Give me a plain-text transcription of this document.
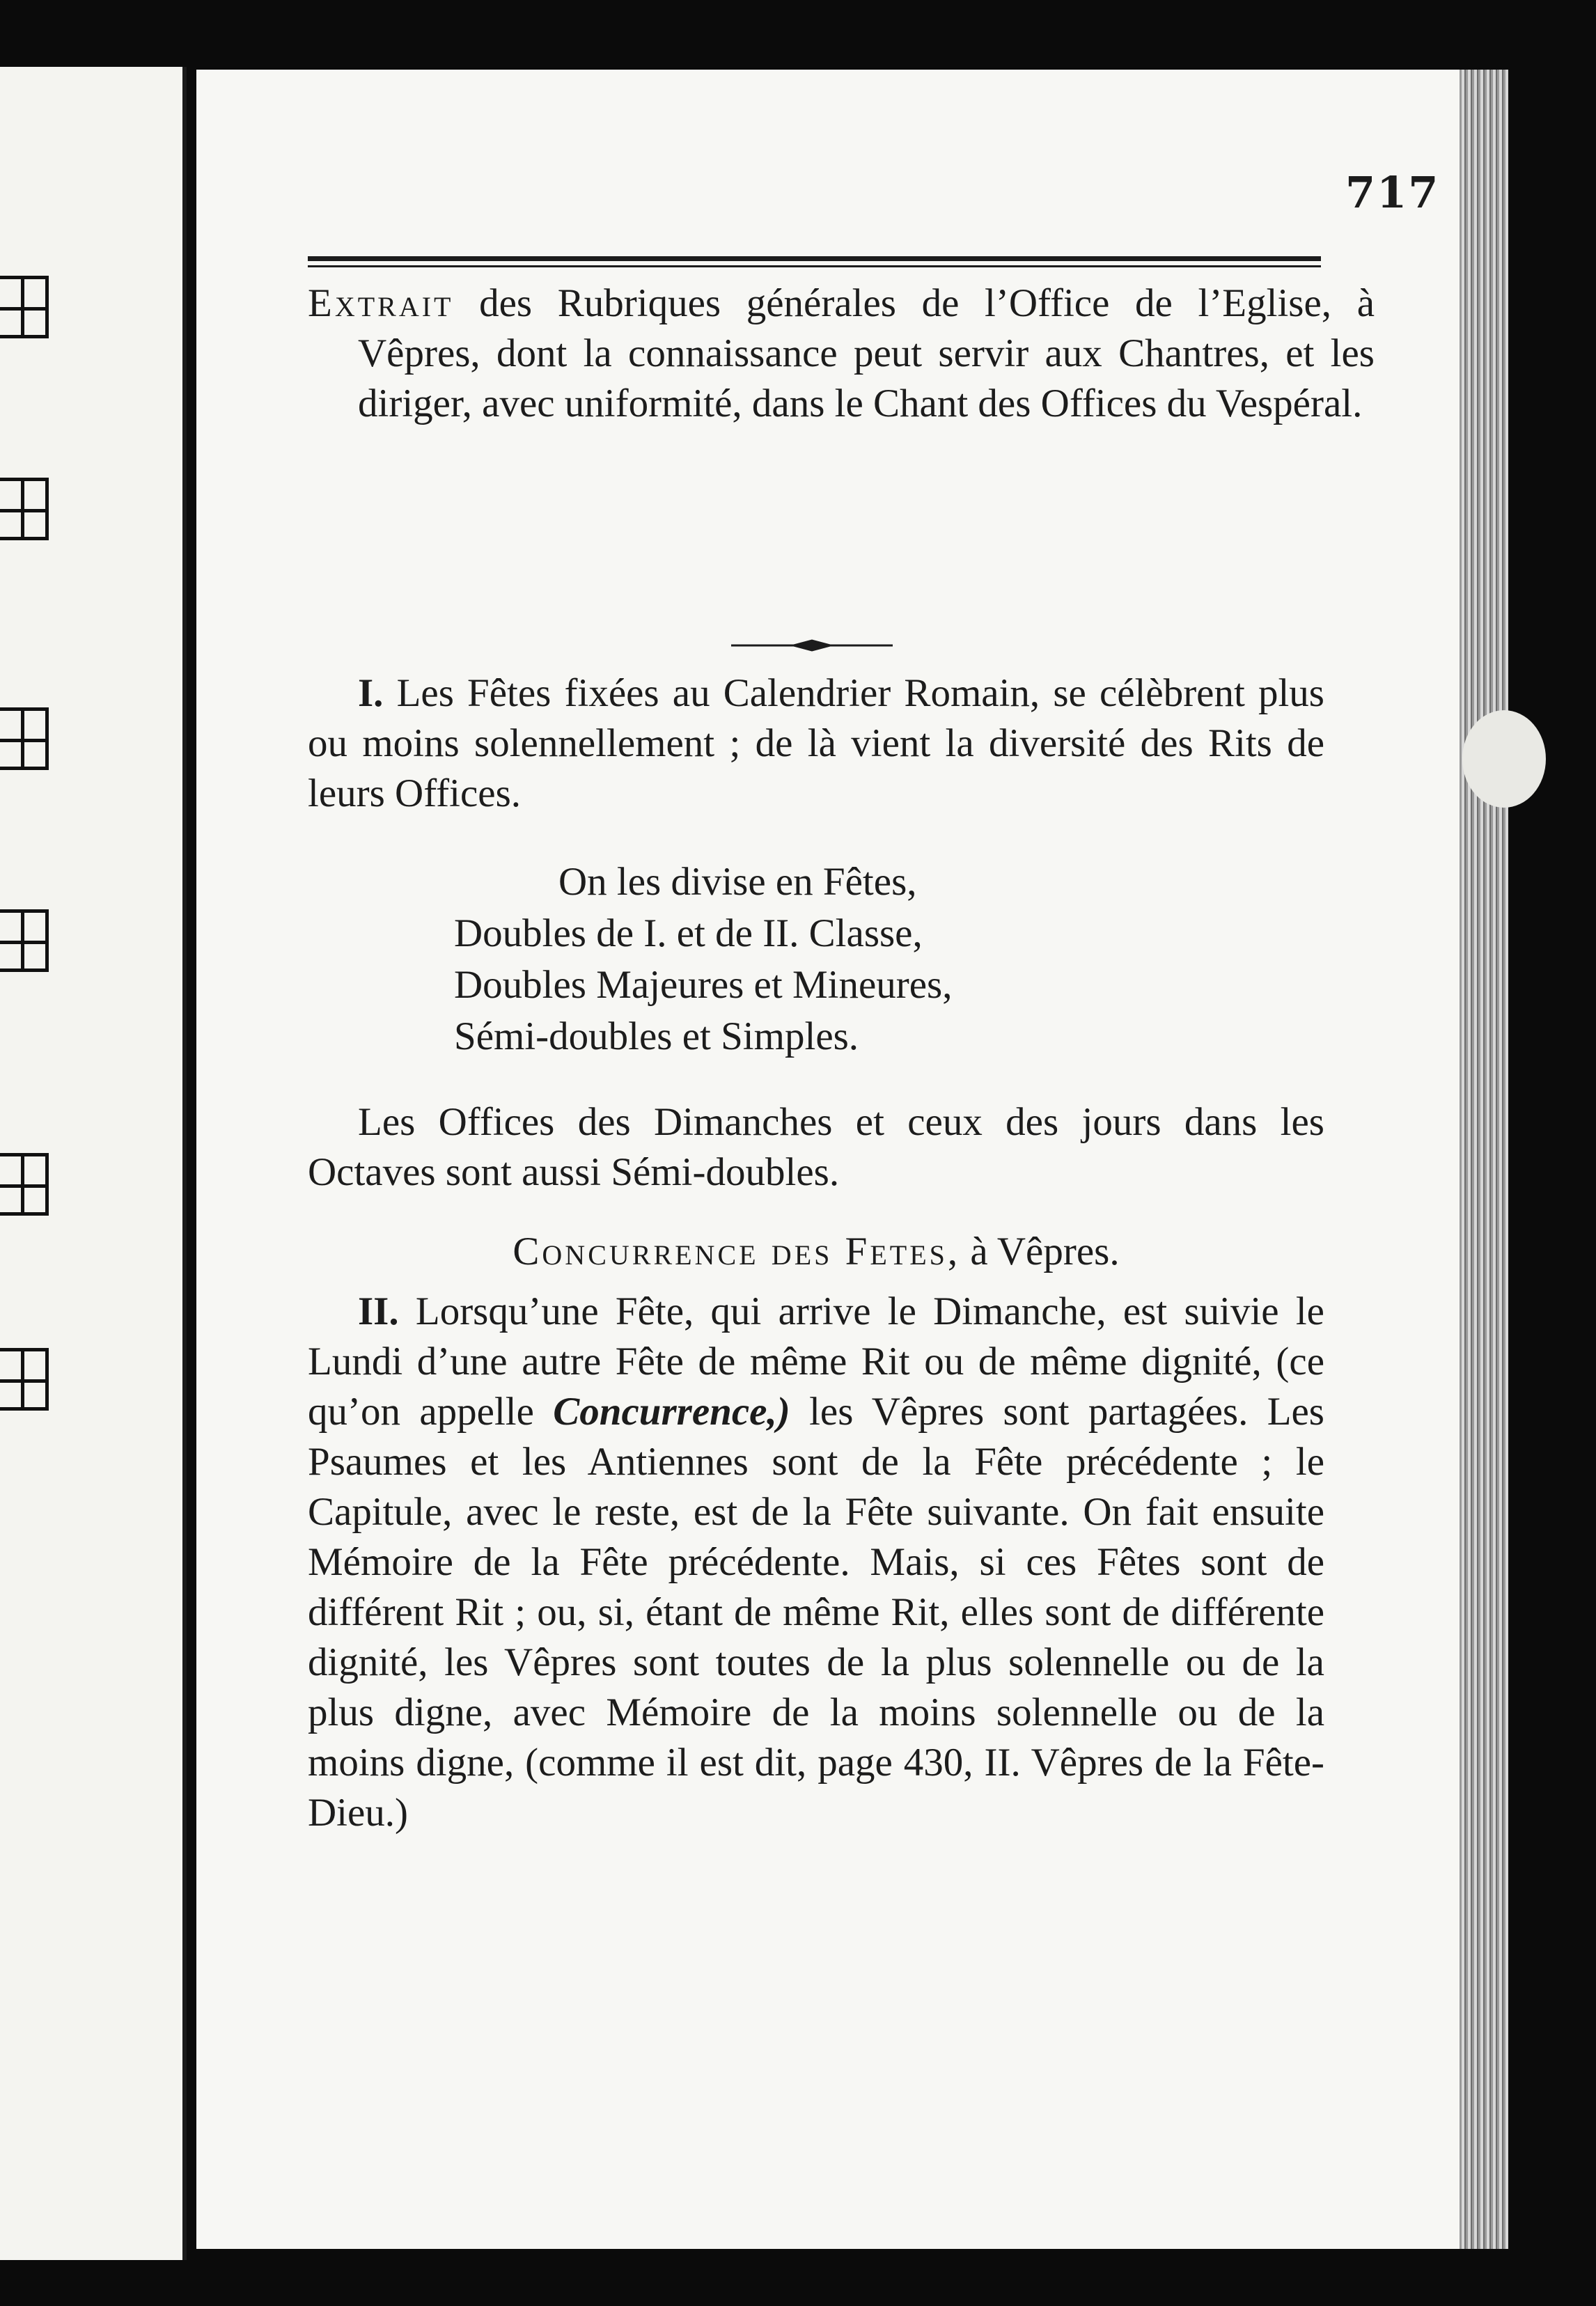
717
Extrait des Rubriques générales de l’Office de l’Eglise, à Vêpres, dont la connaissance peut servir aux Chantres, et les diriger, avec uniformité, dans le Chant des Offices du Vespéral.
I. Les Fêtes fixées au Calendrier Romain, se célèbrent plus ou moins solennellement ; de là vient la diversité des Rits de leurs Offices.
On les divise en Fêtes,
Doubles de I. et de II. Classe,
Doubles Majeures et Mineures,
Sémi-doubles et Simples.
Les Offices des Dimanches et ceux des jours dans les Octaves sont aussi Sémi-doubles.
Concurrence des Fetes, à Vêpres.
II. Lorsqu’une Fête, qui arrive le Dimanche, est suivie le Lundi d’une autre Fête de même Rit ou de même dignité, (ce qu’on appelle Concurrence,) les Vêpres sont partagées. Les Psaumes et les Antiennes sont de la Fête précédente ; le Capitule, avec le reste, est de la Fête suivante. On fait ensuite Mémoire de la Fête précédente. Mais, si ces Fêtes sont de différent Rit ; ou, si, étant de même Rit, elles sont de différente dignité, les Vêpres sont toutes de la plus solennelle ou de la plus digne, avec Mémoire de la moins solennelle ou de la moins digne, (comme il est dit, page 430, II. Vêpres de la Fête-Dieu.)
